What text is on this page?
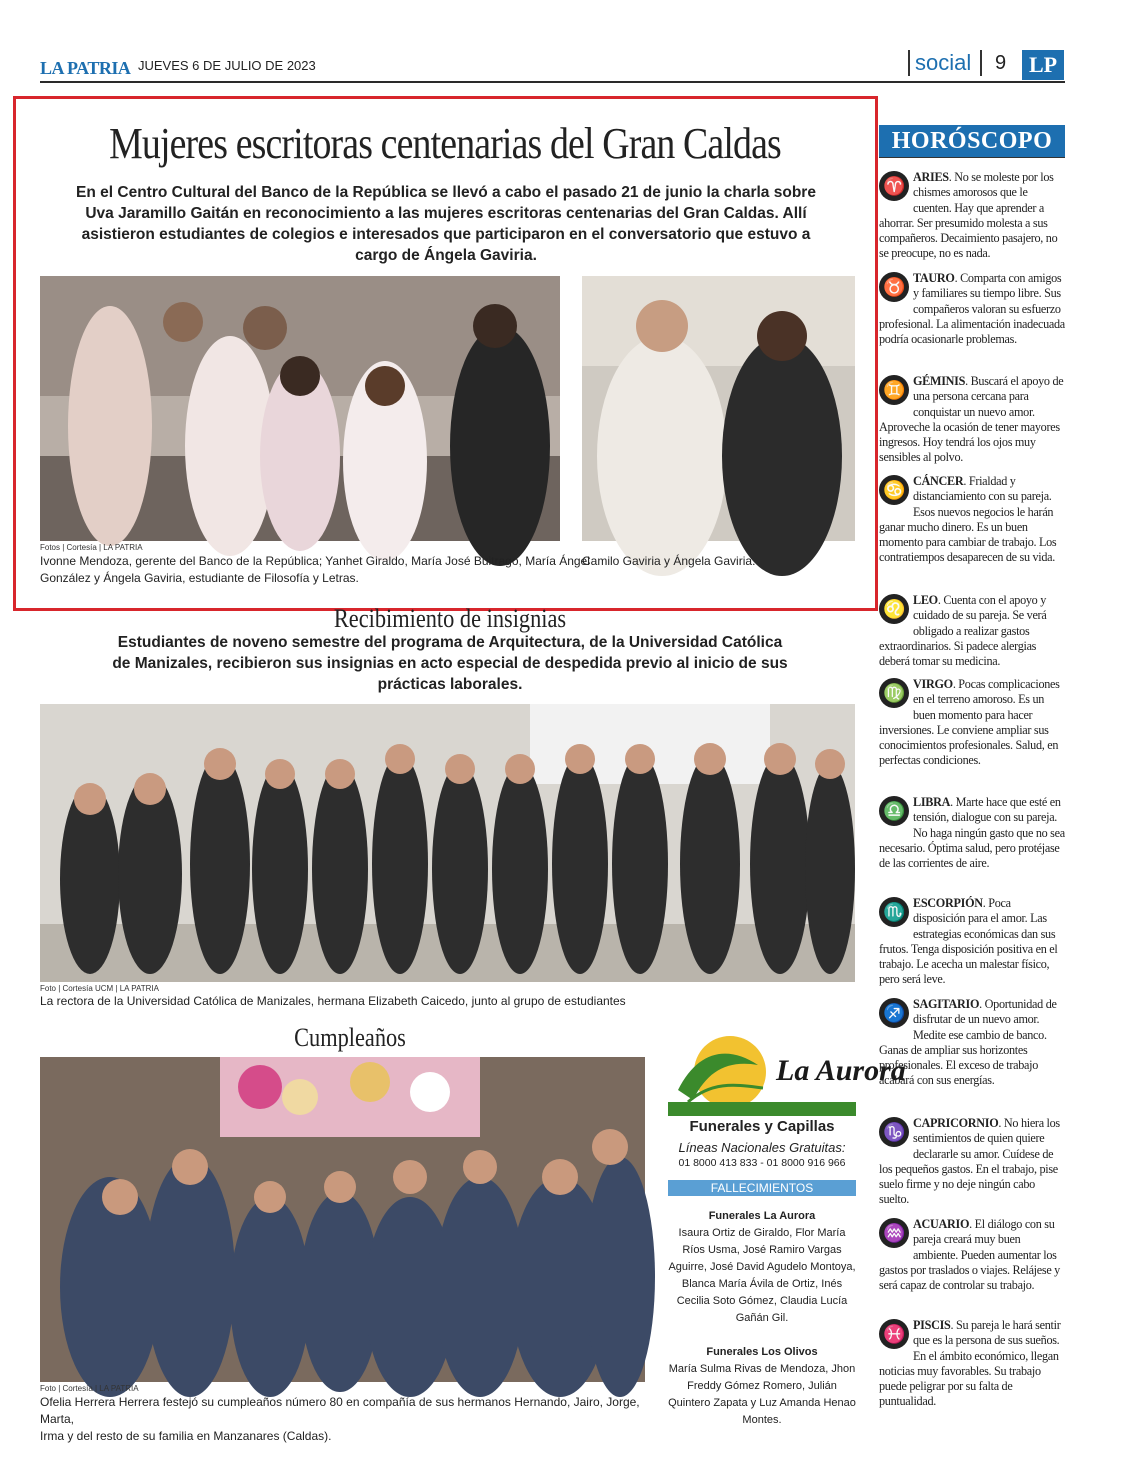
LA PATRIA JUEVES 6 DE JULIO DE 2023	social 9	LP
Mujeres escritoras centenarias del Gran Caldas
En el Centro Cultural del Banco de la República se llevó a cabo el pasado 21 de junio la charla sobre
Uva Jaramillo Gaitán en reconocimiento a las mujeres escritoras centenarias del Gran Caldas. Allí
asistieron estudiantes de colegios e interesados que participaron en el conversatorio que estuvo a
cargo de Ángela Gaviria.
Fotos | Cortesía | LA PATRIA
Ivonne Mendoza, gerente del Banco de la República; Yanhet Giraldo, María José Buitrago, María Ángel
González y Ángela Gaviria, estudiante de Filosofía y Letras.
Camilo Gaviria y Ángela Gaviria.
Recibimiento de insignias
Estudiantes de noveno semestre del programa de Arquitectura, de la Universidad Católica
de Manizales, recibieron sus insignias en acto especial de despedida previo al inicio de sus
prácticas laborales.
Foto | Cortesía UCM | LA PATRIA
La rectora de la Universidad Católica de Manizales, hermana Elizabeth Caicedo, junto al grupo de estudiantes
Cumpleaños
Foto | Cortesía | LA PATRIA
Ofelia Herrera Herrera festejó su cumpleaños número 80 en compañía de sus hermanos Hernando, Jairo, Jorge, Marta,
Irma y del resto de su familia en Manzanares (Caldas).
La Aurora
Funerales y Capillas
Líneas Nacionales Gratuitas:
01 8000 413 833 - 01 8000 916 966
FALLECIMIENTOS
Funerales La Aurora
Isaura Ortiz de Giraldo, Flor María Ríos Usma, José Ramiro Vargas Aguirre, José David Agudelo Montoya, Blanca María Ávila de Ortiz, Inés Cecilia Soto Gómez, Claudia Lucía Gañán Gil.
Funerales Los Olivos
María Sulma Rivas de Mendoza, Jhon Freddy Gómez Romero, Julián Quintero Zapata y Luz Amanda Henao Montes.
HORÓSCOPO
♈ ARIES. No se moleste por los chismes amorosos que le cuenten. Hay que aprender a ahorrar. Ser presumido molesta a sus compañeros. Decaimiento pasajero, no se preocupe, no es nada.
♉ TAURO. Comparta con amigos y familiares su tiempo libre. Sus compañeros valoran su esfuerzo profesional. La alimentación inadecuada podría ocasionarle problemas.
♊ GÉMINIS. Buscará el apoyo de una persona cercana para conquistar un nuevo amor. Aproveche la ocasión de tener mayores ingresos. Hoy tendrá los ojos muy sensibles al polvo.
♋ CÁNCER. Frialdad y distanciamiento con su pareja. Esos nuevos negocios le harán ganar mucho dinero. Es un buen momento para cambiar de trabajo. Los contratiempos desaparecen de su vida.
♌ LEO. Cuenta con el apoyo y cuidado de su pareja. Se verá obligado a realizar gastos extraordinarios. Si padece alergias deberá tomar su medicina.
♍ VIRGO. Pocas complicaciones en el terreno amoroso. Es un buen momento para hacer inversiones. Le conviene ampliar sus conocimientos profesionales. Salud, en perfectas condiciones.
♎ LIBRA. Marte hace que esté en tensión, dialogue con su pareja. No haga ningún gasto que no sea necesario. Óptima salud, pero protéjase de las corrientes de aire.
♏ ESCORPIÓN. Poca disposición para el amor. Las estrategias económicas dan sus frutos. Tenga disposición positiva en el trabajo. Le acecha un malestar físico, pero será leve.
♐ SAGITARIO. Oportunidad de disfrutar de un nuevo amor. Medite ese cambio de banco. Ganas de ampliar sus horizontes profesionales. El exceso de trabajo acabará con sus energías.
♑ CAPRICORNIO. No hiera los sentimientos de quien quiere declararle su amor. Cuídese de los pequeños gastos. En el trabajo, pise suelo firme y no deje ningún cabo suelto.
♒ ACUARIO. El diálogo con su pareja creará muy buen ambiente. Pueden aumentar los gastos por traslados o viajes. Relájese y será capaz de controlar su trabajo.
♓ PISCIS. Su pareja le hará sentir que es la persona de sus sueños. En el ámbito económico, llegan noticias muy favorables. Su trabajo puede peligrar por su falta de puntualidad.
